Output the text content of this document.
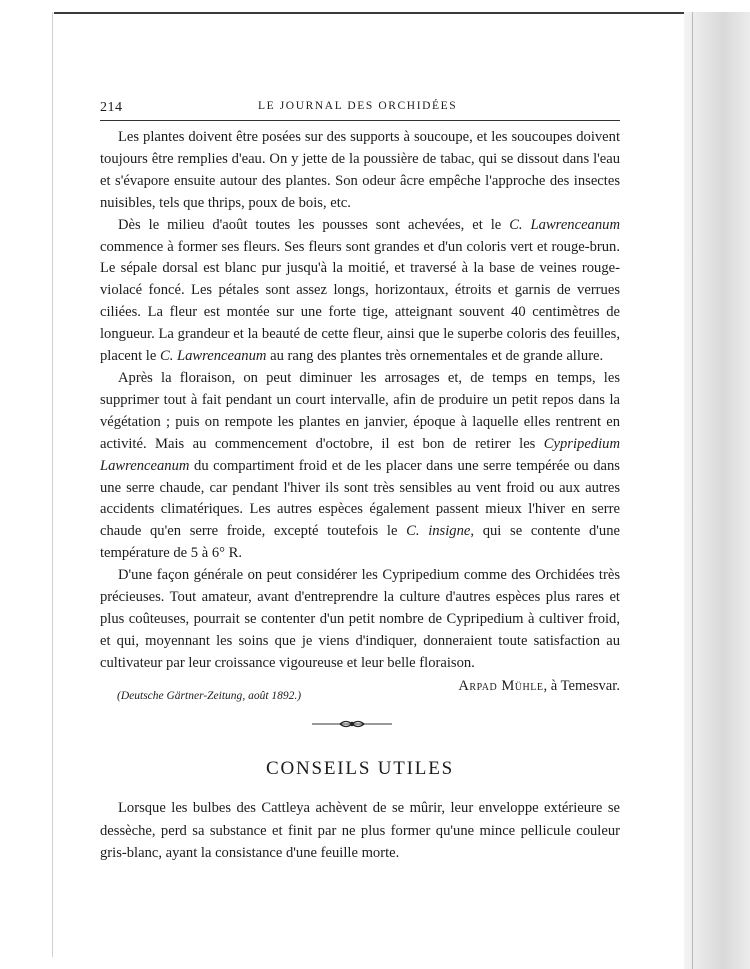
214	LE JOURNAL DES ORCHIDÉES

Les plantes doivent être posées sur des supports à soucoupe, et les soucoupes doivent toujours être remplies d'eau. On y jette de la poussière de tabac, qui se dissout dans l'eau et s'évapore ensuite autour des plantes. Son odeur âcre empêche l'approche des insectes nuisibles, tels que thrips, poux de bois, etc.

Dès le milieu d'août toutes les pousses sont achevées, et le C. Lawrenceanum commence à former ses fleurs. Ses fleurs sont grandes et d'un coloris vert et rouge-brun. Le sépale dorsal est blanc pur jusqu'à la moitié, et traversé à la base de veines rouge-violacé foncé. Les pétales sont assez longs, horizontaux, étroits et garnis de verrues ciliées. La fleur est montée sur une forte tige, atteignant souvent 40 centimètres de longueur. La grandeur et la beauté de cette fleur, ainsi que le superbe coloris des feuilles, placent le C. Lawrenceanum au rang des plantes très ornementales et de grande allure.

Après la floraison, on peut diminuer les arrosages et, de temps en temps, les supprimer tout à fait pendant un court intervalle, afin de produire un petit repos dans la végétation ; puis on rempote les plantes en janvier, époque à laquelle elles rentrent en activité. Mais au commencement d'octobre, il est bon de retirer les Cypripedium Lawrenceanum du compartiment froid et de les placer dans une serre tempérée ou dans une serre chaude, car pendant l'hiver ils sont très sensibles au vent froid ou aux autres accidents climatériques. Les autres espèces également passent mieux l'hiver en serre chaude qu'en serre froide, excepté toutefois le C. insigne, qui se contente d'une température de 5 à 6° R.

D'une façon générale on peut considérer les Cypripedium comme des Orchidées très précieuses. Tout amateur, avant d'entreprendre la culture d'autres espèces plus rares et plus coûteuses, pourrait se contenter d'un petit nombre de Cypripedium à cultiver froid, et qui, moyennant les soins que je viens d'indiquer, donneraient toute satisfaction au cultivateur par leur croissance vigoureuse et leur belle floraison.

Arpad Mühle, à Temesvar.

(Deutsche Gärtner-Zeitung, août 1892.)
CONSEILS UTILES

Lorsque les bulbes des Cattleya achèvent de se mûrir, leur enveloppe extérieure se dessèche, perd sa substance et finit par ne plus former qu'une mince pellicule couleur gris-blanc, ayant la consistance d'une feuille morte.
